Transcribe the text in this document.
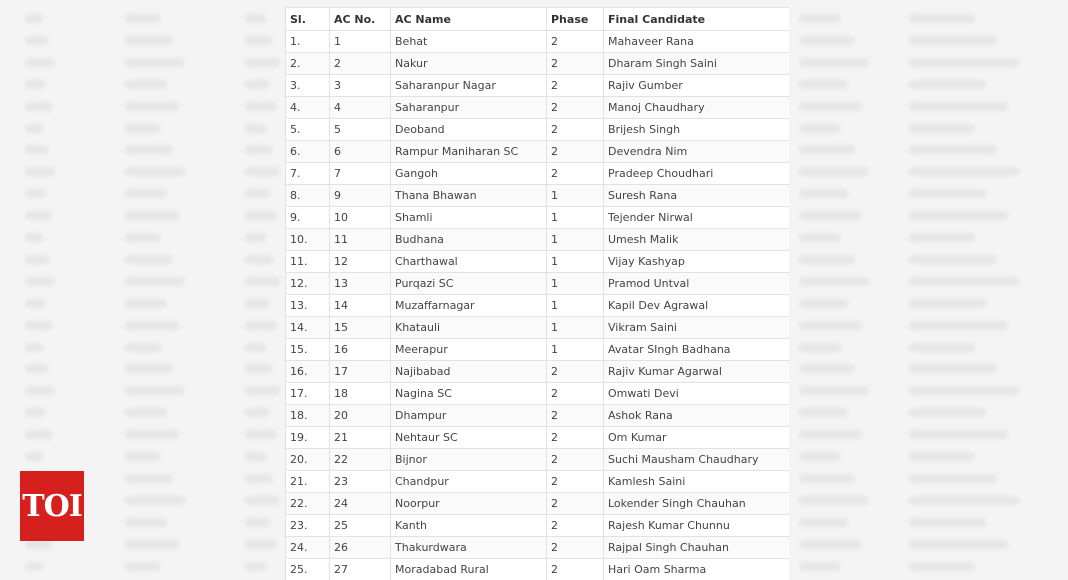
TOI
Sl.	AC No.	AC Name	Phase	Final Candidate
1.	1	Behat	2	Mahaveer Rana
2.	2	Nakur	2	Dharam Singh Saini
3.	3	Saharanpur Nagar	2	Rajiv Gumber
4.	4	Saharanpur	2	Manoj Chaudhary
5.	5	Deoband	2	Brijesh Singh
6.	6	Rampur Maniharan SC	2	Devendra Nim
7.	7	Gangoh	2	Pradeep Choudhari
8.	9	Thana Bhawan	1	Suresh Rana
9.	10	Shamli	1	Tejender Nirwal
10.	11	Budhana	1	Umesh Malik
11.	12	Charthawal	1	Vijay Kashyap
12.	13	Purqazi SC	1	Pramod Untval
13.	14	Muzaffarnagar	1	Kapil Dev Agrawal
14.	15	Khatauli	1	Vikram Saini
15.	16	Meerapur	1	Avatar SIngh Badhana
16.	17	Najibabad	2	Rajiv Kumar Agarwal
17.	18	Nagina SC	2	Omwati Devi
18.	20	Dhampur	2	Ashok Rana
19.	21	Nehtaur SC	2	Om Kumar
20.	22	Bijnor	2	Suchi Mausham Chaudhary
21.	23	Chandpur	2	Kamlesh Saini
22.	24	Noorpur	2	Lokender Singh Chauhan
23.	25	Kanth	2	Rajesh Kumar Chunnu
24.	26	Thakurdwara	2	Rajpal Singh Chauhan
25.	27	Moradabad Rural	2	Hari Oam Sharma
